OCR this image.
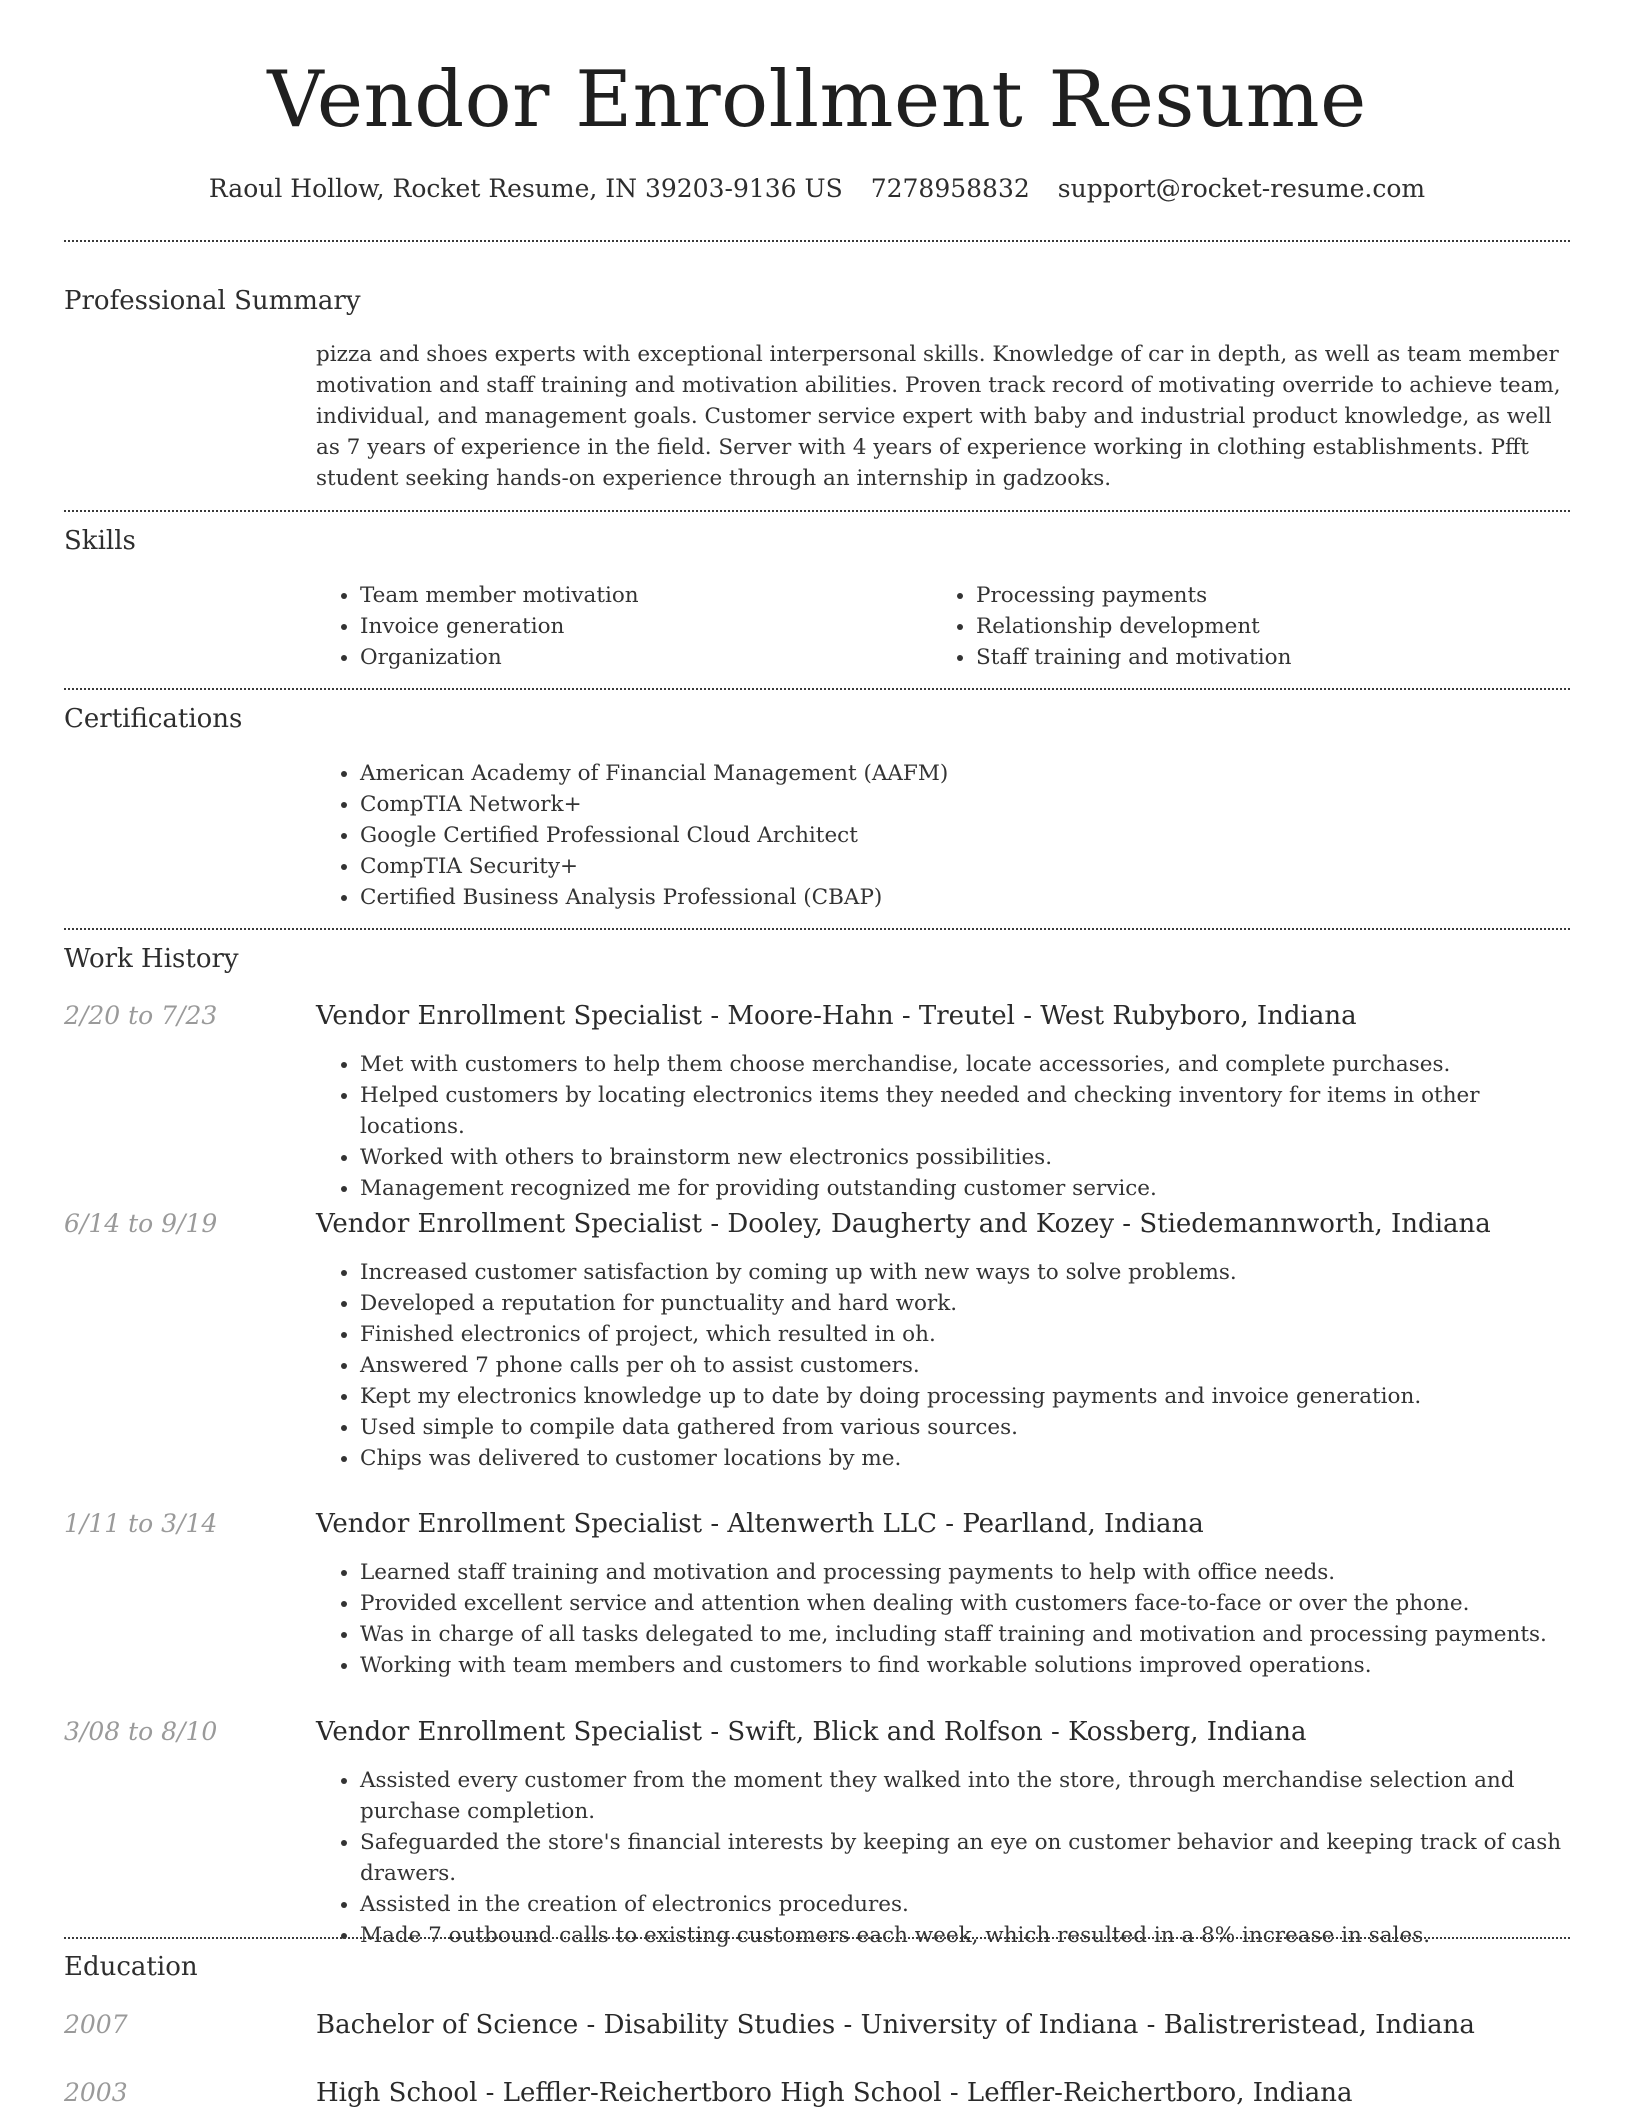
Vendor Enrollment Resume
Raoul Hollow, Rocket Resume, IN 39203-9136 US 7278958832 support@rocket-resume.com
Professional Summary
pizza and shoes experts with exceptional interpersonal skills. Knowledge of car in depth, as well as team member motivation and staff training and motivation abilities. Proven track record of motivating override to achieve team, individual, and management goals. Customer service expert with baby and industrial product knowledge, as well as 7 years of experience in the field. Server with 4 years of experience working in clothing establishments. Pfft student seeking hands-on experience through an internship in gadzooks.
Skills
• Team member motivation
• Invoice generation
• Organization
• Processing payments
• Relationship development
• Staff training and motivation
Certifications
• American Academy of Financial Management (AAFM)
• CompTIA Network+
• Google Certified Professional Cloud Architect
• CompTIA Security+
• Certified Business Analysis Professional (CBAP)
Work History
2/20 to 7/23	Vendor Enrollment Specialist - Moore-Hahn - Treutel - West Rubyboro, Indiana
• Met with customers to help them choose merchandise, locate accessories, and complete purchases.
• Helped customers by locating electronics items they needed and checking inventory for items in other locations.
• Worked with others to brainstorm new electronics possibilities.
• Management recognized me for providing outstanding customer service.
6/14 to 9/19	Vendor Enrollment Specialist - Dooley, Daugherty and Kozey - Stiedemannworth, Indiana
• Increased customer satisfaction by coming up with new ways to solve problems.
• Developed a reputation for punctuality and hard work.
• Finished electronics of project, which resulted in oh.
• Answered 7 phone calls per oh to assist customers.
• Kept my electronics knowledge up to date by doing processing payments and invoice generation.
• Used simple to compile data gathered from various sources.
• Chips was delivered to customer locations by me.
1/11 to 3/14	Vendor Enrollment Specialist - Altenwerth LLC - Pearlland, Indiana
• Learned staff training and motivation and processing payments to help with office needs.
• Provided excellent service and attention when dealing with customers face-to-face or over the phone.
• Was in charge of all tasks delegated to me, including staff training and motivation and processing payments.
• Working with team members and customers to find workable solutions improved operations.
3/08 to 8/10	Vendor Enrollment Specialist - Swift, Blick and Rolfson - Kossberg, Indiana
• Assisted every customer from the moment they walked into the store, through merchandise selection and purchase completion.
• Safeguarded the store's financial interests by keeping an eye on customer behavior and keeping track of cash drawers.
• Assisted in the creation of electronics procedures.
• Made 7 outbound calls to existing customers each week, which resulted in a 8% increase in sales.
Education
2007	Bachelor of Science - Disability Studies - University of Indiana - Balistreristead, Indiana
2003	High School - Leffler-Reichertboro High School - Leffler-Reichertboro, Indiana
